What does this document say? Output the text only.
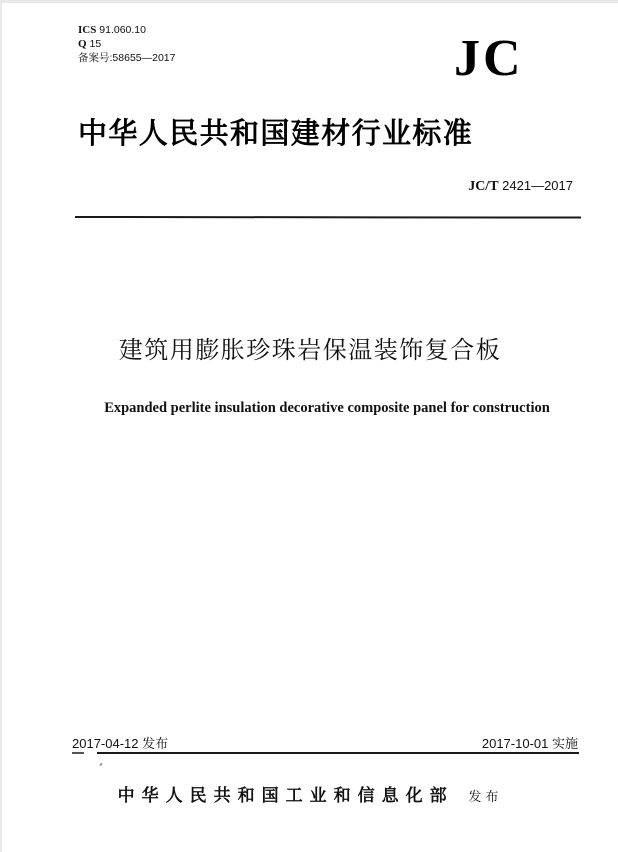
ICS 91.060.10
Q 15
备案号:58655—2017	JC
中华人民共和国建材行业标准
JC/T 2421—2017
建筑用膨胀珍珠岩保温装饰复合板
Expanded perlite insulation decorative composite panel for construction
2017-04-12 发布	2017-10-01 实施
中华人民共和国工业和信息化部 发布
